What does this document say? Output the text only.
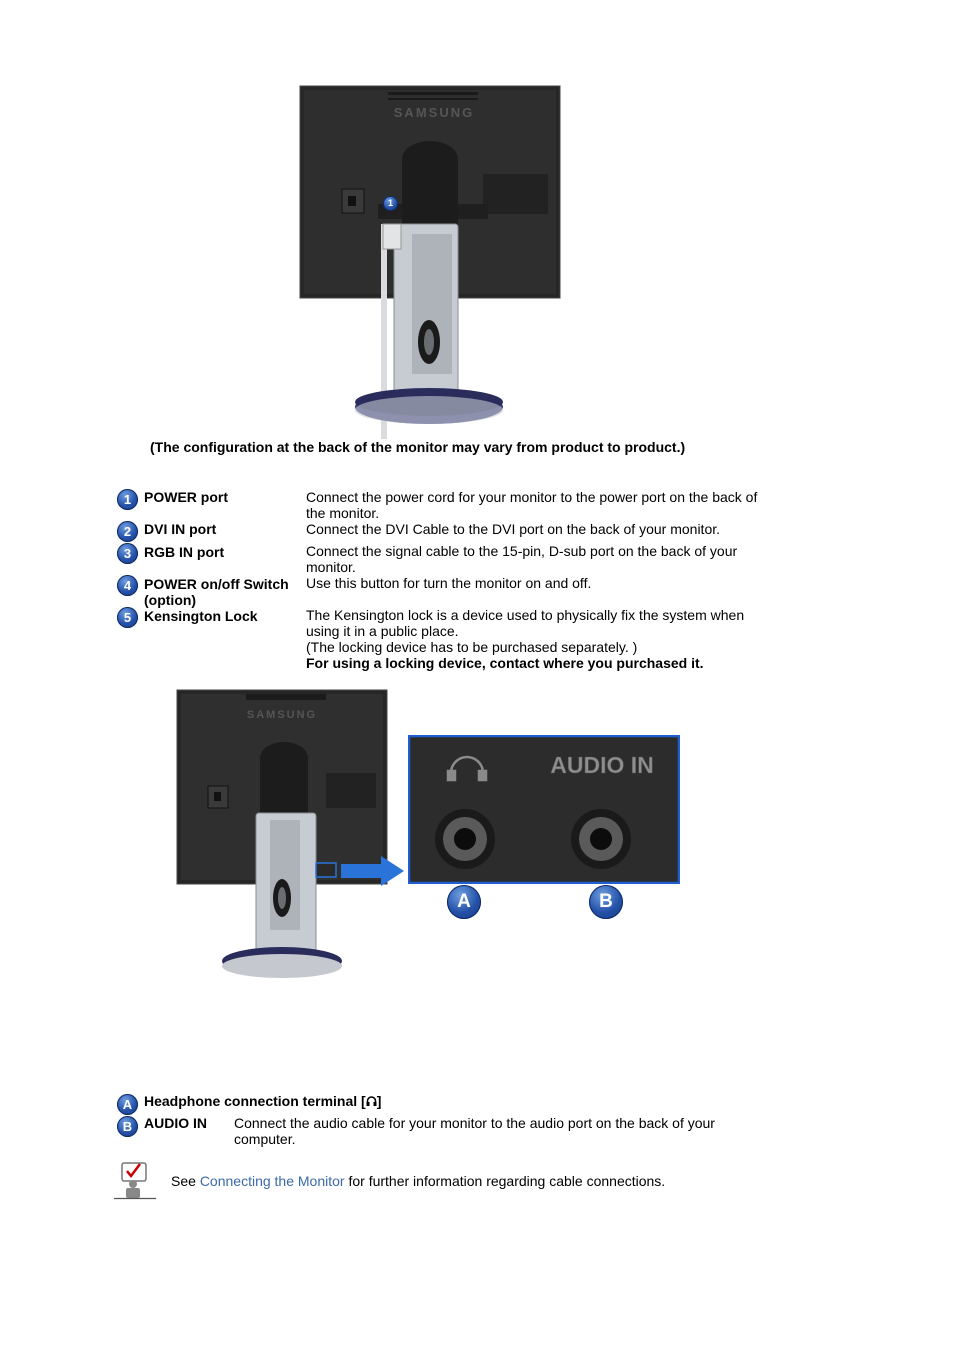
SAMSUNG
1
(The configuration at the back of the monitor may vary from product to product.)
1 POWER port	Connect the power cord for your monitor to the power port on the back of the monitor.
2 DVI IN port	Connect the DVI Cable to the DVI port on the back of your monitor.
3 RGB IN port	Connect the signal cable to the 15-pin, D-sub port on the back of your monitor.
4 POWER on/off Switch (option)
Use this button for turn the monitor on and off.
5 Kensington Lock	The Kensington lock is a device used to physically fix the system when using it in a public place.
(The locking device has to be purchased separately. )
For using a locking device, contact where you purchased it.
SAMSUNG
AUDIO IN
A	B
A Headphone connection terminal [ ]
B AUDIO IN Connect the audio cable for your monitor to the audio port on the back of your computer.
See Connecting the Monitor for further information regarding cable connections.
